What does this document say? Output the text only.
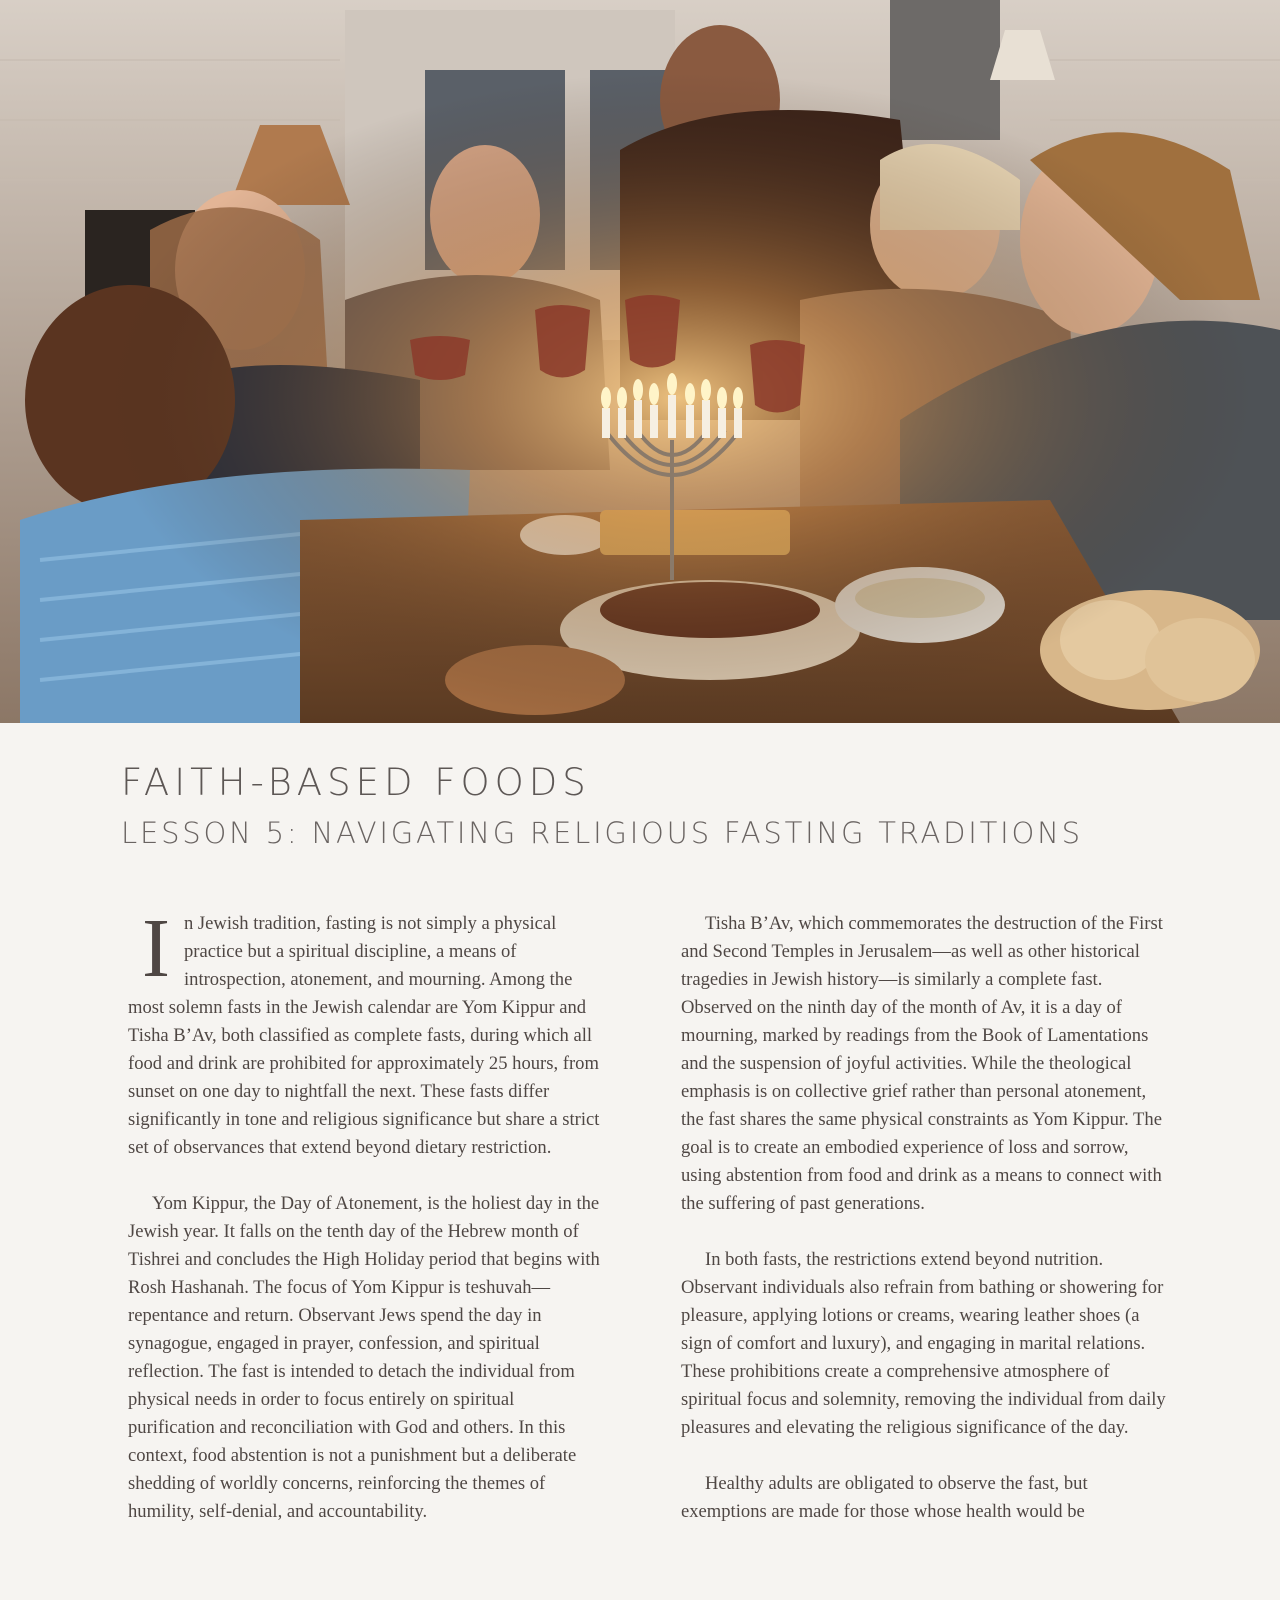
FAITH-BASED FOODS
LESSON 5: NAVIGATING RELIGIOUS FASTING TRADITIONS

In Jewish tradition, fasting is not simply a physical practice but a spiritual discipline, a means of introspection, atonement, and mourning. Among the most solemn fasts in the Jewish calendar are Yom Kippur and Tisha B’Av, both classified as complete fasts, during which all food and drink are prohibited for approximately 25 hours, from sunset on one day to nightfall the next. These fasts differ significantly in tone and religious significance but share a strict set of observances that extend beyond dietary restriction.

Yom Kippur, the Day of Atonement, is the holiest day in the Jewish year. It falls on the tenth day of the Hebrew month of Tishrei and concludes the High Holiday period that begins with Rosh Hashanah. The focus of Yom Kippur is teshuvah—repentance and return. Observant Jews spend the day in synagogue, engaged in prayer, confession, and spiritual reflection. The fast is intended to detach the individual from physical needs in order to focus entirely on spiritual purification and reconciliation with God and others. In this context, food abstention is not a punishment but a deliberate shedding of worldly concerns, reinforcing the themes of humility, self-denial, and accountability.

Tisha B’Av, which commemorates the destruction of the First and Second Temples in Jerusalem—as well as other historical tragedies in Jewish history—is similarly a complete fast. Observed on the ninth day of the month of Av, it is a day of mourning, marked by readings from the Book of Lamentations and the suspension of joyful activities. While the theological emphasis is on collective grief rather than personal atonement, the fast shares the same physical constraints as Yom Kippur. The goal is to create an embodied experience of loss and sorrow, using abstention from food and drink as a means to connect with the suffering of past generations.

In both fasts, the restrictions extend beyond nutrition. Observant individuals also refrain from bathing or showering for pleasure, applying lotions or creams, wearing leather shoes (a sign of comfort and luxury), and engaging in marital relations. These prohibitions create a comprehensive atmosphere of spiritual focus and solemnity, removing the individual from daily pleasures and elevating the religious significance of the day.

Healthy adults are obligated to observe the fast, but exemptions are made for those whose health would be
